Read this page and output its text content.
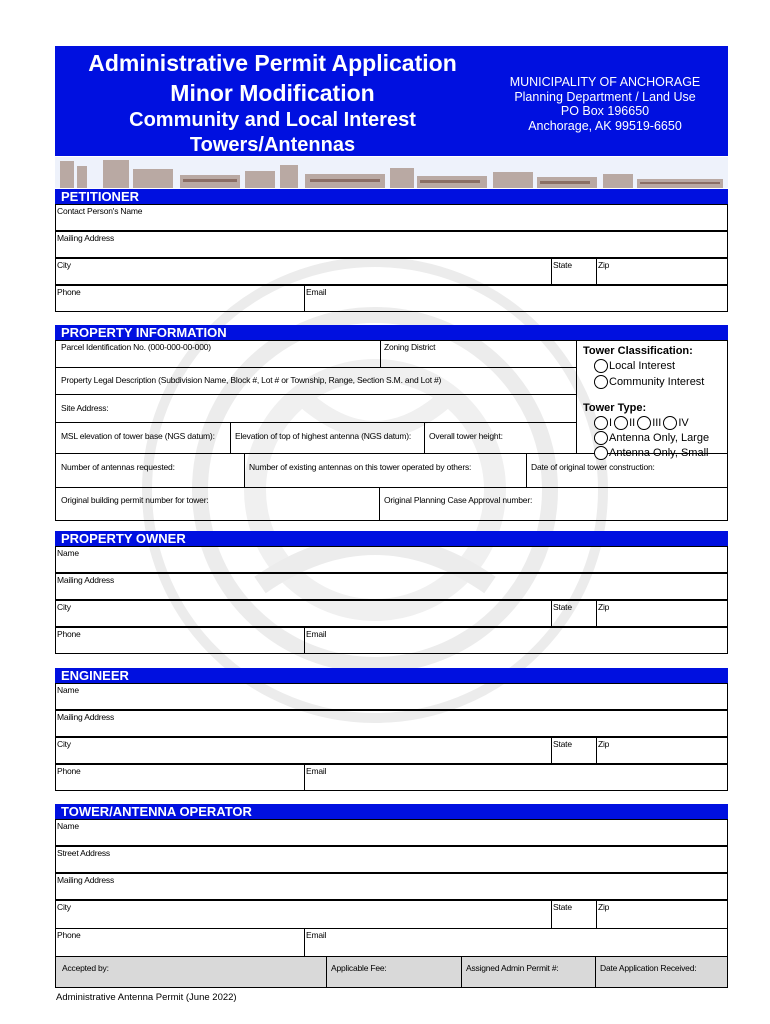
Administrative Permit Application
Minor Modification
Community and Local Interest
Towers/Antennas
MUNICIPALITY OF ANCHORAGE
Planning Department / Land Use
PO Box 196650
Anchorage, AK 99519-6650
PETITIONER
Contact Person's Name
Mailing Address
City	State	Zip
Phone	Email
PROPERTY INFORMATION
Parcel Identification No. (000-000-00-000)	Zoning District
Property Legal Description (Subdivision Name, Block #, Lot # or Township, Range, Section S.M. and Lot #)
Site Address:
MSL elevation of tower base (NGS datum): Elevation of top of highest antenna (NGS datum): Overall tower height:
Number of antennas requested:	Number of existing antennas on this tower operated by others:	Date of original tower construction:
Original building permit number for tower:	Original Planning Case Approval number:
Tower Classification:
Local Interest
Community Interest
Tower Type:
I II III IV
Antenna Only, Large
Antenna Only, Small
PROPERTY OWNER
Name
Mailing Address
City	State	Zip
Phone	Email
ENGINEER
Name
Mailing Address
City	State	Zip
Phone	Email
TOWER/ANTENNA OPERATOR
Name
Street Address
Mailing Address
City	State	Zip
Phone	Email
Accepted by:	Applicable Fee:	Assigned Admin Permit #:	Date Application Received:
Administrative Antenna Permit (June 2022)
